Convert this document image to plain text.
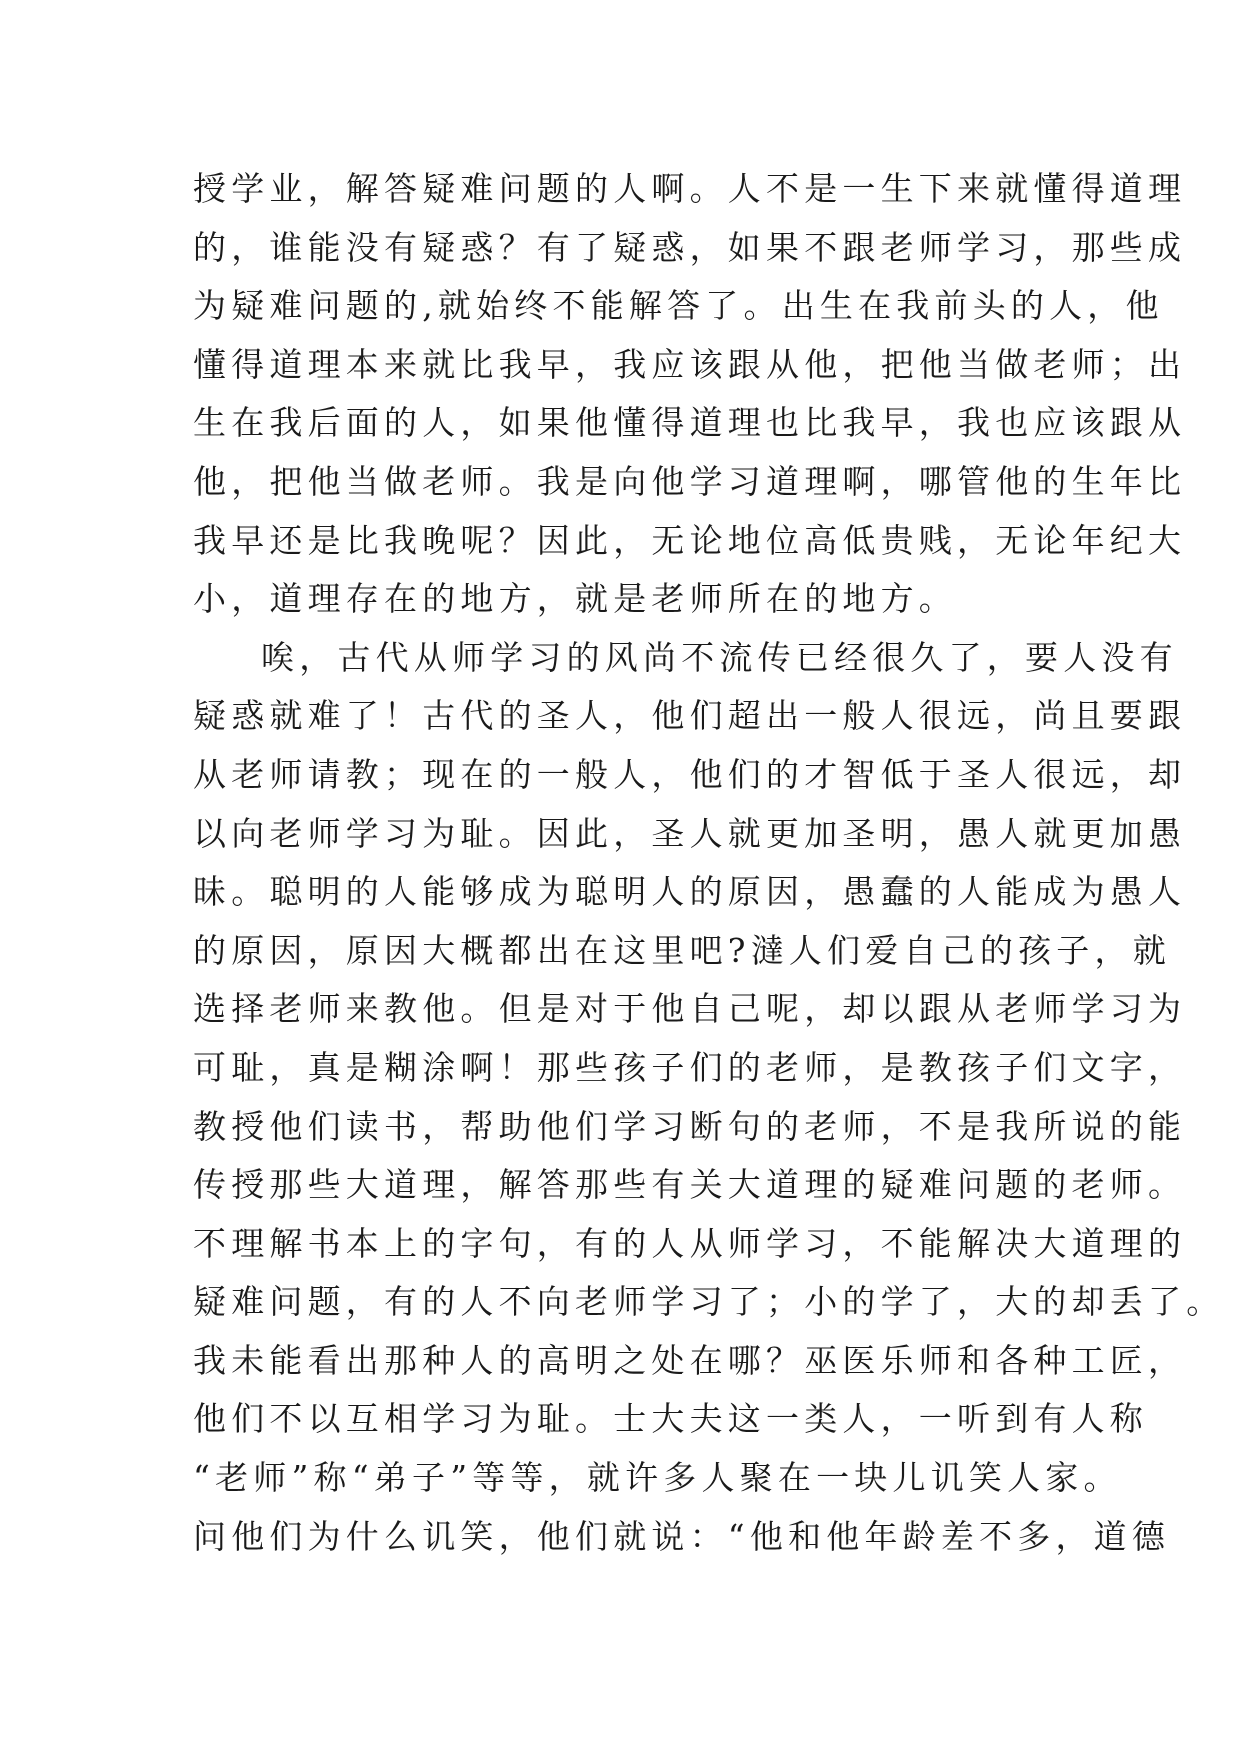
授学业，解答疑难问题的人啊。人不是一生下来就懂得道理
的，谁能没有疑惑？有了疑惑，如果不跟老师学习，那些成
为疑难问题的,就始终不能解答了。出生在我前头的人，他
懂得道理本来就比我早，我应该跟从他，把他当做老师；出
生在我后面的人，如果他懂得道理也比我早，我也应该跟从
他，把他当做老师。我是向他学习道理啊，哪管他的生年比
我早还是比我晚呢？因此，无论地位高低贵贱，无论年纪大
小，道理存在的地方，就是老师所在的地方。
唉，古代从师学习的风尚不流传已经很久了，要人没有
疑惑就难了！古代的圣人，他们超出一般人很远，尚且要跟
从老师请教；现在的一般人，他们的才智低于圣人很远，却
以向老师学习为耻。因此，圣人就更加圣明，愚人就更加愚
昧。聪明的人能够成为聪明人的原因，愚蠢的人能成为愚人
的原因，原因大概都出在这里吧?澾人们爱自己的孩子，就
选择老师来教他。但是对于他自己呢，却以跟从老师学习为
可耻，真是糊涂啊！那些孩子们的老师，是教孩子们文字，
教授他们读书，帮助他们学习断句的老师，不是我所说的能
传授那些大道理，解答那些有关大道理的疑难问题的老师。
不理解书本上的字句，有的人从师学习，不能解决大道理的
疑难问题，有的人不向老师学习了；小的学了，大的却丢了。
我未能看出那种人的高明之处在哪？巫医乐师和各种工匠，
他们不以互相学习为耻。士大夫这一类人，一听到有人称
“老师”称“弟子”等等，就许多人聚在一块儿讥笑人家。
问他们为什么讥笑，他们就说：“他和他年龄差不多，道德
